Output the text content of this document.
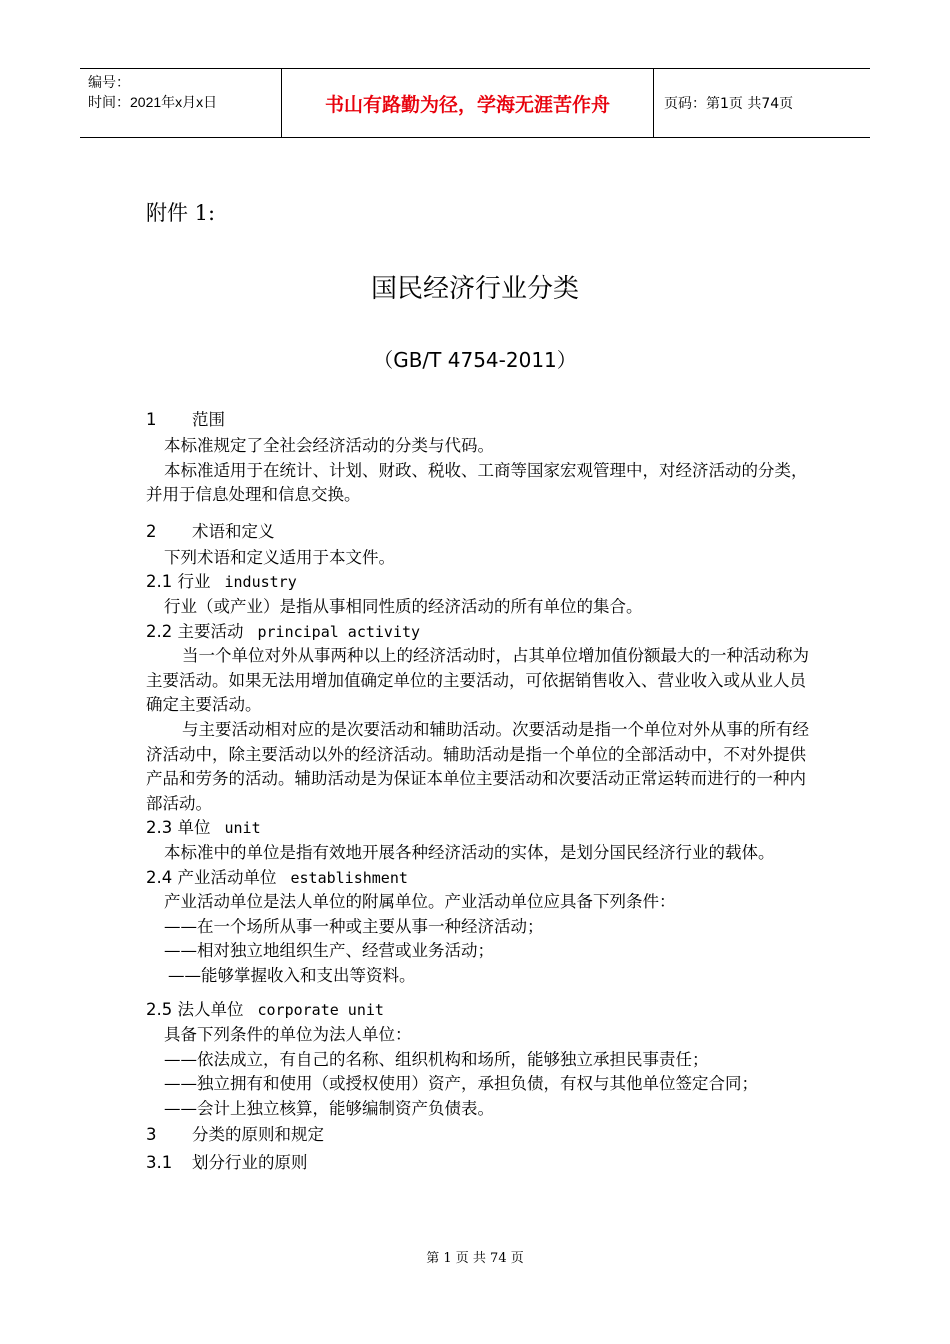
编号：
时间：2021年x月x日	书山有路勤为径，学海无涯苦作舟	页码：第1页 共74页
附件 1:
国民经济行业分类
（GB/T 4754-2011）
1 范围

本标准规定了全社会经济活动的分类与代码。

本标准适用于在统计、计划、财政、税收、工商等国家宏观管理中，对经济活动的分类，并用于信息处理和信息交换。

2 术语和定义

下列术语和定义适用于本文件。

2.1 行业 industry

行业（或产业）是指从事相同性质的经济活动的所有单位的集合。

2.2 主要活动 principal activity

当一个单位对外从事两种以上的经济活动时，占其单位增加值份额最大的一种活动称为主要活动。如果无法用增加值确定单位的主要活动，可依据销售收入、营业收入或从业人员确定主要活动。

与主要活动相对应的是次要活动和辅助活动。次要活动是指一个单位对外从事的所有经济活动中，除主要活动以外的经济活动。辅助活动是指一个单位的全部活动中，不对外提供产品和劳务的活动。辅助活动是为保证本单位主要活动和次要活动正常运转而进行的一种内部活动。

2.3 单位 unit

本标准中的单位是指有效地开展各种经济活动的实体，是划分国民经济行业的载体。

2.4 产业活动单位 establishment

产业活动单位是法人单位的附属单位。产业活动单位应具备下列条件：

——在一个场所从事一种或主要从事一种经济活动；

——相对独立地组织生产、经营或业务活动；

——能够掌握收入和支出等资料。

2.5 法人单位 corporate unit

具备下列条件的单位为法人单位：

——依法成立，有自己的名称、组织机构和场所，能够独立承担民事责任；

——独立拥有和使用（或授权使用）资产，承担负债，有权与其他单位签定合同；

——会计上独立核算，能够编制资产负债表。

3 分类的原则和规定
3.1 划分行业的原则
第 1 页 共 74 页
